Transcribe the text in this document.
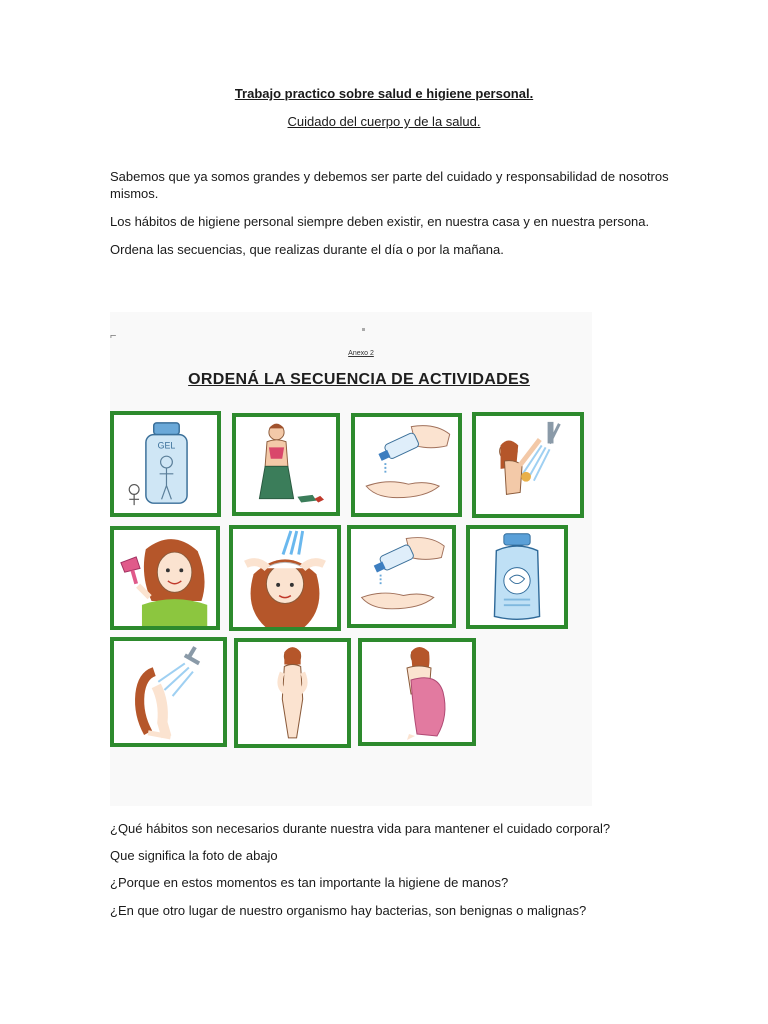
Trabajo practico sobre salud e higiene personal.
Cuidado del cuerpo y de la salud.
Sabemos que ya somos grandes y debemos ser parte del cuidado y responsabilidad de nosotros mismos.
Los hábitos de higiene personal siempre deben existir, en nuestra casa y en nuestra persona.
Ordena las secuencias, que realizas durante el día o por la mañana.
⌐
Anexo 2
ORDENÁ LA SECUENCIA DE ACTIVIDADES
GEL
¿Qué hábitos son necesarios durante nuestra vida para mantener el cuidado corporal?
Que significa la foto de abajo
¿Porque en estos momentos es tan importante la higiene de manos?
¿En que otro lugar de nuestro organismo hay bacterias, son benignas o malignas?
